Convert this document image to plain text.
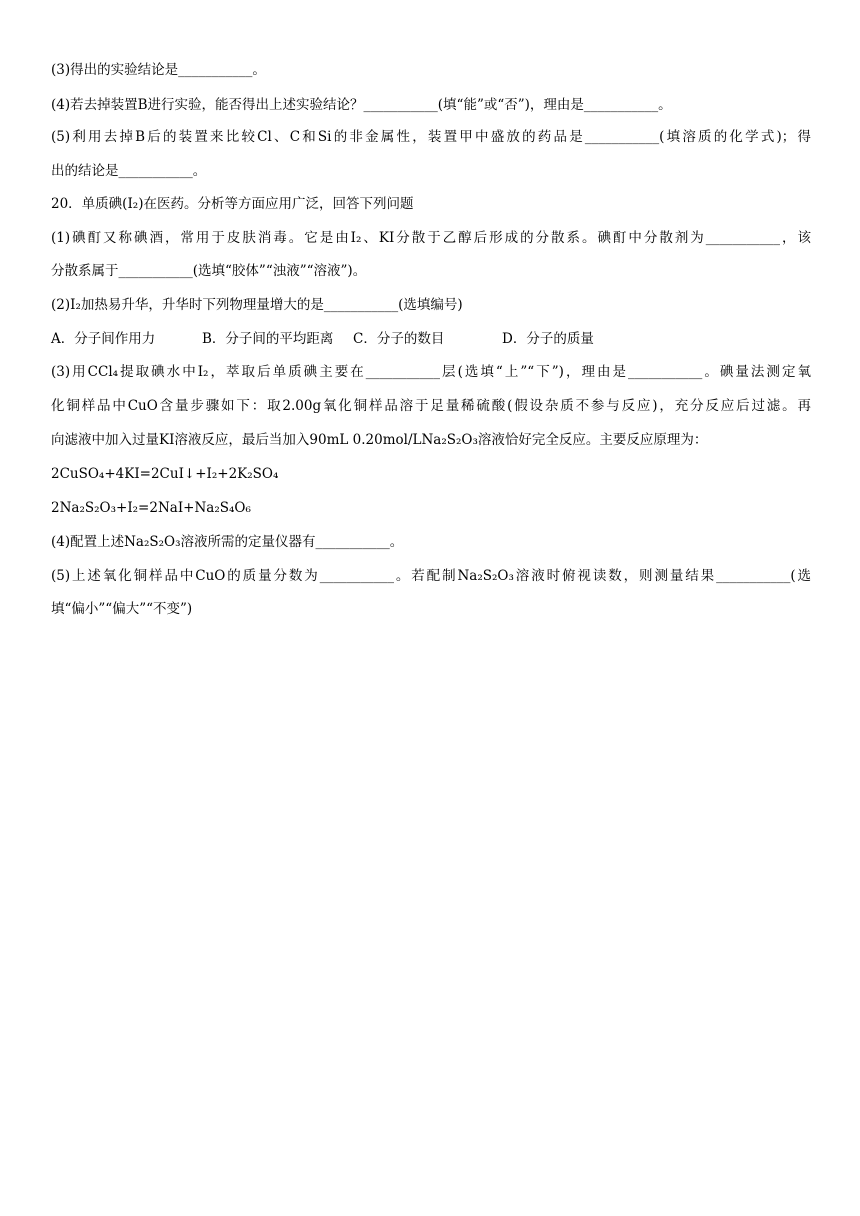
(3)得出的实验结论是___________。
(4)若去掉装置B进行实验，能否得出上述实验结论？___________(填“能”或“否”)，理由是___________。
(5)利用去掉B后的装置来比较Cl、C和Si的非金属性，装置甲中盛放的药品是___________(填溶质的化学式)；得
出的结论是___________。
20．单质碘(I₂)在医药。分析等方面应用广泛，回答下列问题
(1)碘酊又称碘酒，常用于皮肤消毒。它是由I₂、KI分散于乙醇后形成的分散系。碘酊中分散剂为___________，该
分散系属于___________(选填“胶体”“浊液”“溶液”)。
(2)I₂加热易升华，升华时下列物理量增大的是___________(选填编号)
A．分子间作用力	B．分子间的平均距离 C．分子的数目	D．分子的质量
(3)用CCl₄提取碘水中I₂，萃取后单质碘主要在___________层(选填“上”“下”)，理由是___________。碘量法测定氧
化铜样品中CuO含量步骤如下：取2.00g氧化铜样品溶于足量稀硫酸(假设杂质不参与反应)，充分反应后过滤。再
向滤液中加入过量KI溶液反应，最后当加入90mL 0.20mol/LNa₂S₂O₃溶液恰好完全反应。主要反应原理为：
2CuSO₄+4KI=2CuI↓+I₂+2K₂SO₄
2Na₂S₂O₃+I₂=2NaI+Na₂S₄O₆
(4)配置上述Na₂S₂O₃溶液所需的定量仪器有___________。
(5)上述氧化铜样品中CuO的质量分数为___________。若配制Na₂S₂O₃溶液时俯视读数，则测量结果___________(选
填“偏小”“偏大”“不变”)
